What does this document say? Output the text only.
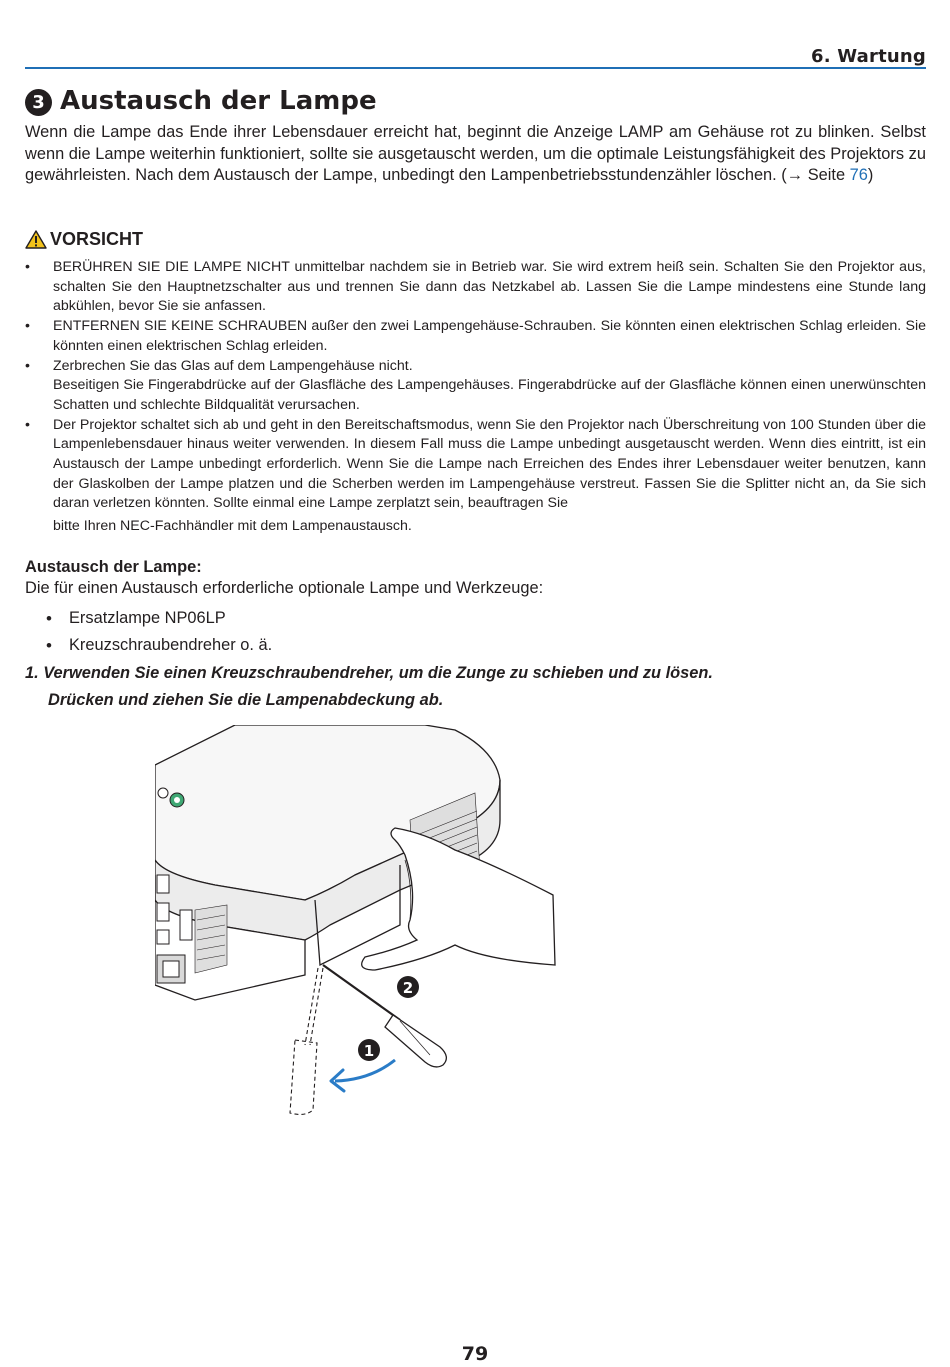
6. Wartung
3 Austausch der Lampe

Wenn die Lampe das Ende ihrer Lebensdauer erreicht hat, beginnt die Anzeige LAMP am Gehäuse rot zu blinken. Selbst wenn die Lampe weiterhin funktioniert, sollte sie ausgetauscht werden, um die optimale Leistungsfähigkeit des Projektors zu gewährleisten. Nach dem Austausch der Lampe, unbedingt den Lampenbetriebsstundenzähler löschen. (→ Seite 76)

VORSICHT
• BERÜHREN SIE DIE LAMPE NICHT unmittelbar nachdem sie in Betrieb war. Sie wird extrem heiß sein. Schalten Sie den Projektor aus, schalten Sie den Hauptnetzschalter aus und trennen Sie dann das Netzkabel ab. Lassen Sie die Lampe mindestens eine Stunde lang abkühlen, bevor Sie sie anfassen.
• ENTFERNEN SIE KEINE SCHRAUBEN außer den zwei Lampengehäuse-Schrauben. Sie könnten einen elektrischen Schlag erleiden. Sie könnten einen elektrischen Schlag erleiden.
• Zerbrechen Sie das Glas auf dem Lampengehäuse nicht.
Beseitigen Sie Fingerabdrücke auf der Glasfläche des Lampengehäuses. Fingerabdrücke auf der Glasfläche können einen unerwünschten Schatten und schlechte Bildqualität verursachen.
• Der Projektor schaltet sich ab und geht in den Bereitschaftsmodus, wenn Sie den Projektor nach Überschreitung von 100 Stunden über die Lampenlebensdauer hinaus weiter verwenden. In diesem Fall muss die Lampe unbedingt ausgetauscht werden. Wenn dies eintritt, ist ein Austausch der Lampe unbedingt erforderlich. Wenn Sie die Lampe nach Erreichen des Endes ihrer Lebensdauer weiter benutzen, kann der Glaskolben der Lampe platzen und die Scherben werden im Lampengehäuse verstreut. Fassen Sie die Splitter nicht an, da Sie sich daran verletzen könnten. Sollte einmal eine Lampe zerplatzt sein, beauftragen Sie
bitte Ihren NEC-Fachhändler mit dem Lampenaustausch.
Austausch der Lampe:
Die für einen Austausch erforderliche optionale Lampe und Werkzeuge:
• Ersatzlampe NP06LP
• Kreuzschraubendreher o. ä.
1. Verwenden Sie einen Kreuzschraubendreher, um die Zunge zu schieben und zu lösen.
Drücken und ziehen Sie die Lampenabdeckung ab.
2
1
79
